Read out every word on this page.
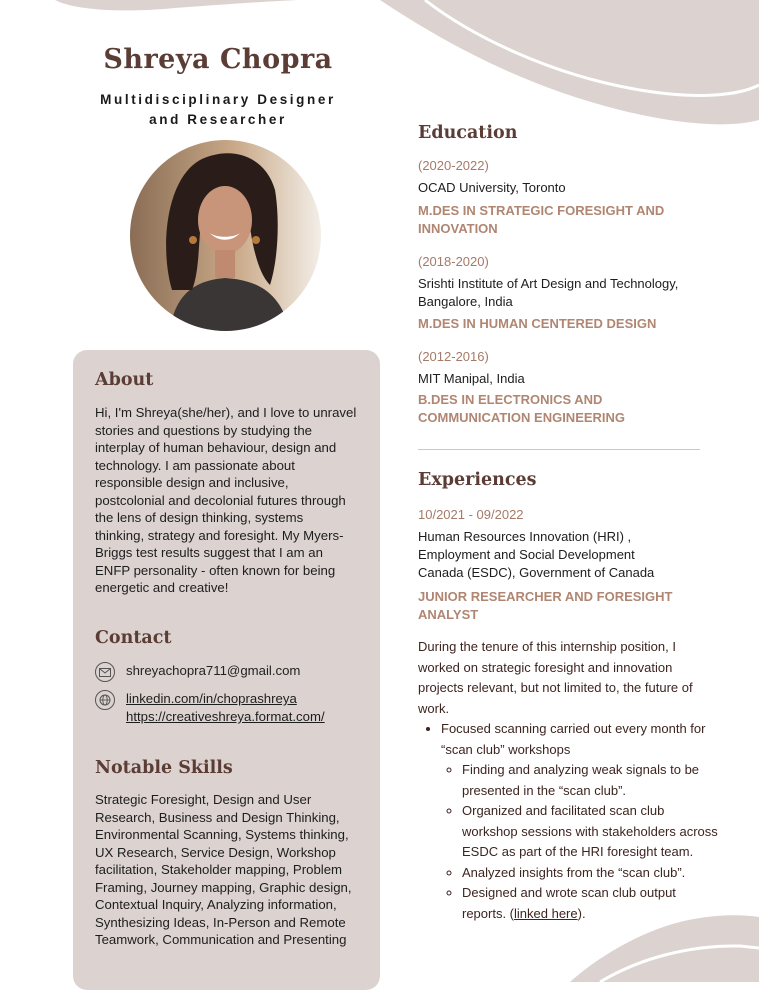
Shreya Chopra
Multidisciplinary Designer
and Researcher
About
Hi, I'm Shreya(she/her), and I love to unravel
stories and questions by studying the
interplay of human behaviour, design and
technology. I am passionate about
responsible design and inclusive,
postcolonial and decolonial futures through
the lens of design thinking, systems
thinking, strategy and foresight. My Myers-
Briggs test results suggest that I am an
ENFP personality - often known for being
energetic and creative!
Contact
shreyachopra711@gmail.com
linkedin.com/in/choprashreya
https://creativeshreya.format.com/
Notable Skills
Strategic Foresight, Design and User
Research, Business and Design Thinking,
Environmental Scanning, Systems thinking,
UX Research, Service Design, Workshop
facilitation, Stakeholder mapping, Problem
Framing, Journey mapping, Graphic design,
Contextual Inquiry, Analyzing information,
Synthesizing Ideas, In-Person and Remote
Teamwork, Communication and Presenting
Education
(2020-2022)
OCAD University, Toronto
M.DES IN STRATEGIC FORESIGHT AND
INNOVATION
(2018-2020)
Srishti Institute of Art Design and Technology,
Bangalore, India
M.DES IN HUMAN CENTERED DESIGN
(2012-2016)
MIT Manipal, India
B.DES IN ELECTRONICS AND
COMMUNICATION ENGINEERING
Experiences
10/2021 - 09/2022
Human Resources Innovation (HRI) ,
Employment and Social Development
Canada (ESDC), Government of Canada
JUNIOR RESEARCHER AND FORESIGHT
ANALYST
During the tenure of this internship position, I worked on strategic foresight and innovation projects relevant, but not limited to, the future of work.
• Focused scanning carried out every month for “scan club” workshops
◦ Finding and analyzing weak signals to be presented in the “scan club”.
◦ Organized and facilitated scan club workshop sessions with stakeholders across ESDC as part of the HRI foresight team.
◦ Analyzed insights from the “scan club”.
◦ Designed and wrote scan club output reports. (linked here).
